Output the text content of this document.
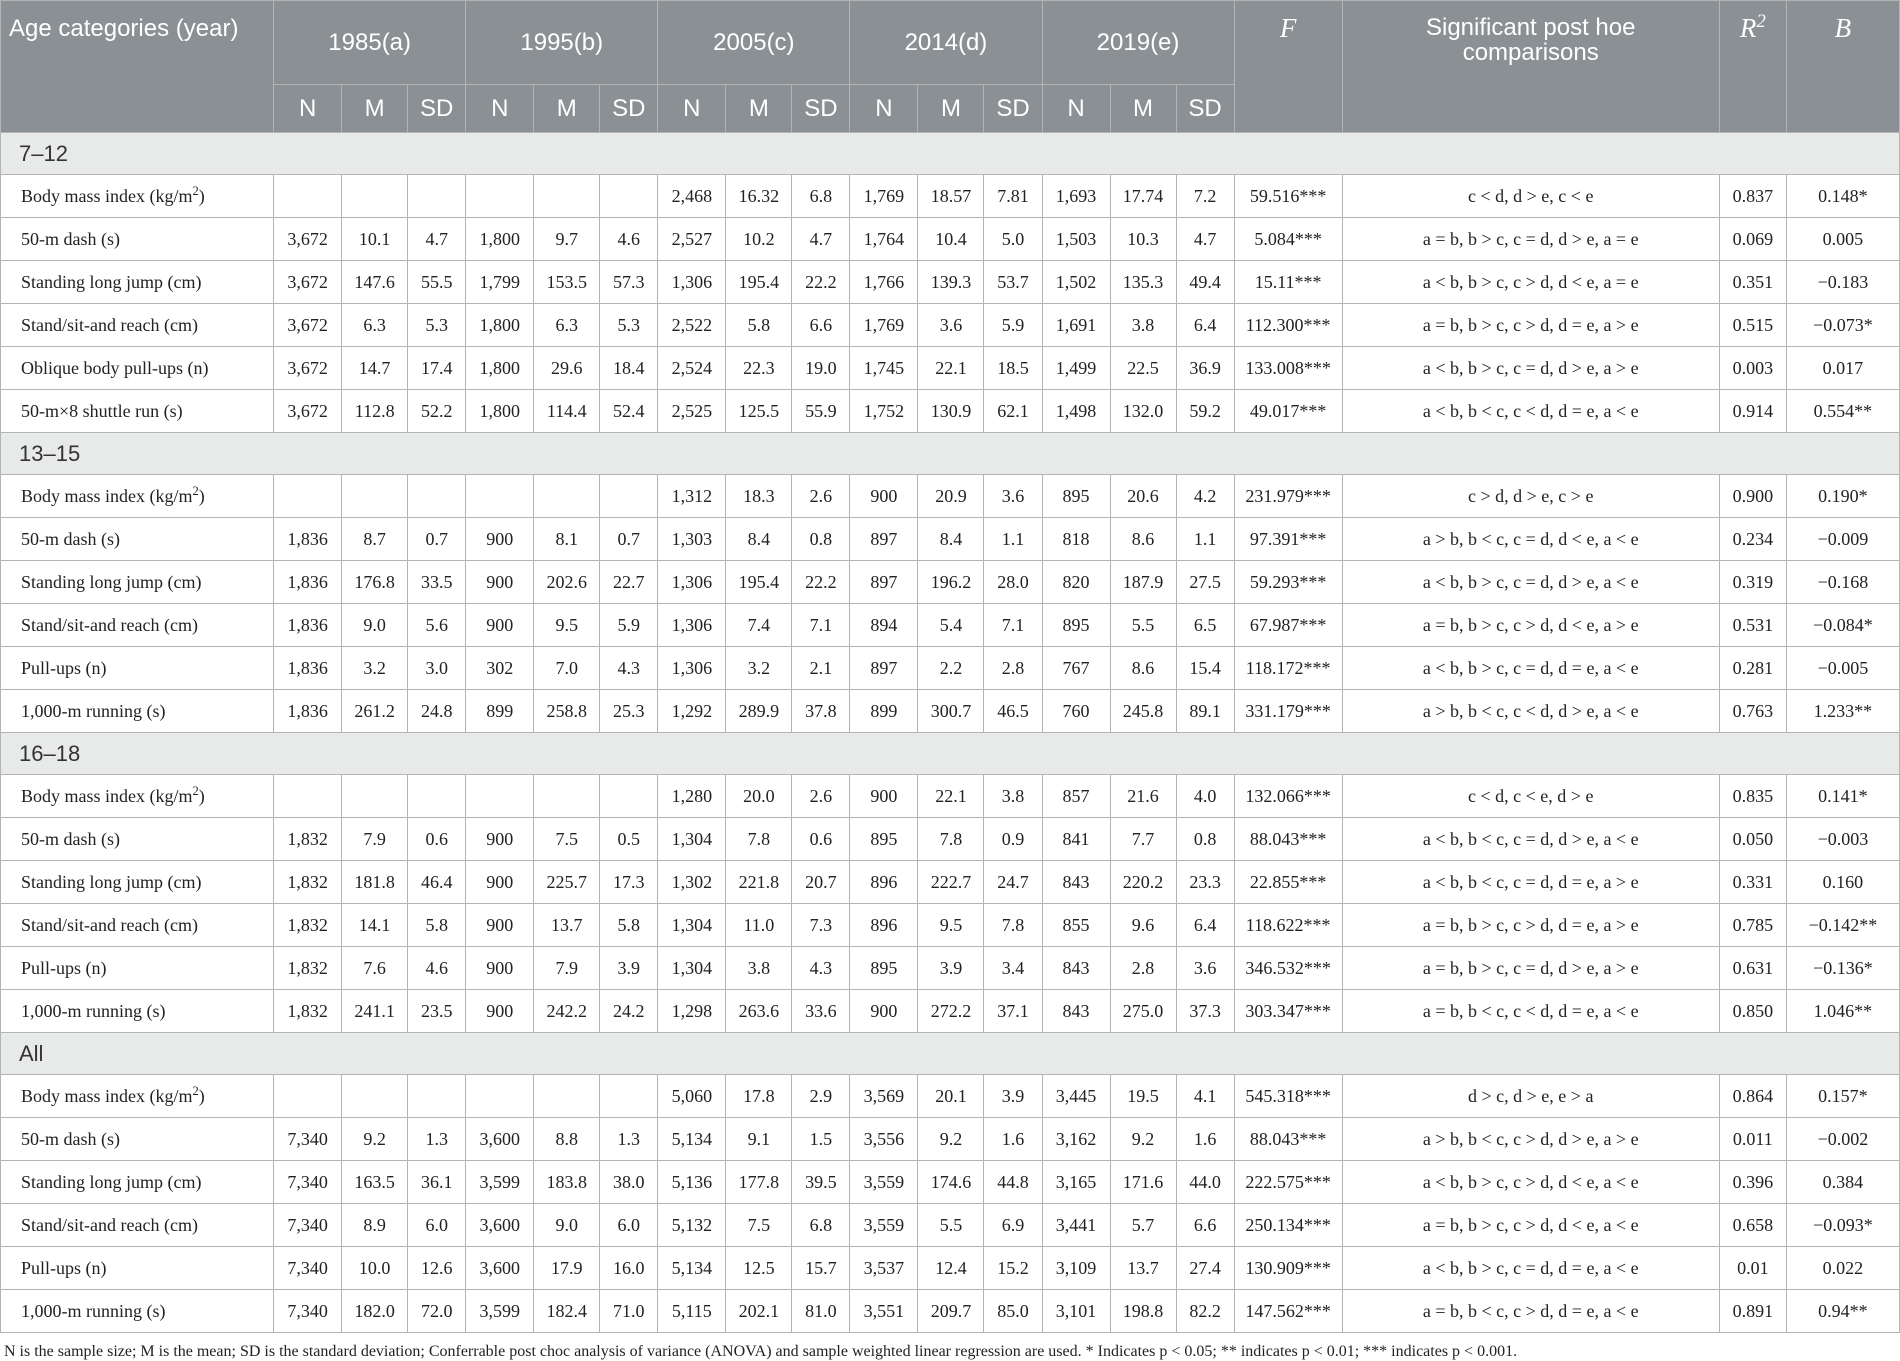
Age categories (year)	1985(a)			1995(b)			2005(c)			2014(d)			2019(e)			F	Significant post hoe comparisons	$R^2$	B
	N	M	SD	N	M	SD	N	M	SD	N	M	SD	N	M	SD				
7–12																			
Body mass index $(kg/m^2)$							2,468	16.32	6.8	1,769	18.57	7.81	1,693	17.74	7.2	59.516***	c < d, d > e, c < e	0.837	0.148*
50-m dash (s)	3,672	10.1	4.7	1,800	9.7	4.6	2,527	10.2	4.7	1,764	10.4	5.0	1,503	10.3	4.7	5.084***	a = b, b > c, c = d, d > e, a = e	0.069	0.005
Standing long jump (cm)	3,672	147.6	55.5	1,799	153.5	57.3	1,306	195.4	22.2	1,766	139.3	53.7	1,502	135.3	49.4	15.11***	a < b, b > c, c > d, d < e, a = e	0.351	−0.183
Stand/sit-and reach (cm)	3,672	6.3	5.3	1,800	6.3	5.3	2,522	5.8	6.6	1,769	3.6	5.9	1,691	3.8	6.4	112.300***	a = b, b > c, c > d, d = e, a > e	0.515	−0.073*
Oblique body pull-ups (n)	3,672	14.7	17.4	1,800	29.6	18.4	2,524	22.3	19.0	1,745	22.1	18.5	1,499	22.5	36.9	133.008***	a < b, b > c, c = d, d > e, a > e	0.003	0.017
50-m×8 shuttle run (s)	3,672	112.8	52.2	1,800	114.4	52.4	2,525	125.5	55.9	1,752	130.9	62.1	1,498	132.0	59.2	49.017***	a < b, b < c, c < d, d = e, a < e	0.914	0.554**
13–15																			
Body mass index $(kg/m^2)$							1,312	18.3	2.6	900	20.9	3.6	895	20.6	4.2	231.979***	c > d, d > e, c > e	0.900	0.190*
50-m dash (s)	1,836	8.7	0.7	900	8.1	0.7	1,303	8.4	0.8	897	8.4	1.1	818	8.6	1.1	97.391***	a > b, b < c, c = d, d < e, a < e	0.234	−0.009
Standing long jump (cm)	1,836	176.8	33.5	900	202.6	22.7	1,306	195.4	22.2	897	196.2	28.0	820	187.9	27.5	59.293***	a < b, b > c, c = d, d > e, a < e	0.319	−0.168
Stand/sit-and reach (cm)	1,836	9.0	5.6	900	9.5	5.9	1,306	7.4	7.1	894	5.4	7.1	895	5.5	6.5	67.987***	a = b, b > c, c > d, d < e, a > e	0.531	−0.084*
Pull-ups (n)	1,836	3.2	3.0	302	7.0	4.3	1,306	3.2	2.1	897	2.2	2.8	767	8.6	15.4	118.172***	a < b, b > c, c = d, d = e, a < e	0.281	−0.005
1,000-m running (s)	1,836	261.2	24.8	899	258.8	25.3	1,292	289.9	37.8	899	300.7	46.5	760	245.8	89.1	331.179***	a > b, b < c, c < d, d > e, a < e	0.763	1.233**
16–18																			
Body mass index $(kg/m^2)$							1,280	20.0	2.6	900	22.1	3.8	857	21.6	4.0	132.066***	c < d, c < e, d > e	0.835	0.141*
50-m dash (s)	1,832	7.9	0.6	900	7.5	0.5	1,304	7.8	0.6	895	7.8	0.9	841	7.7	0.8	88.043***	a < b, b < c, c = d, d > e, a < e	0.050	−0.003
Standing long jump (cm)	1,832	181.8	46.4	900	225.7	17.3	1,302	221.8	20.7	896	222.7	24.7	843	220.2	23.3	22.855***	a < b, b < c, c = d, d = e, a > e	0.331	0.160
Stand/sit-and reach (cm)	1,832	14.1	5.8	900	13.7	5.8	1,304	11.0	7.3	896	9.5	7.8	855	9.6	6.4	118.622***	a = b, b > c, c > d, d = e, a > e	0.785	−0.142**
Pull-ups (n)	1,832	7.6	4.6	900	7.9	3.9	1,304	3.8	4.3	895	3.9	3.4	843	2.8	3.6	346.532***	a = b, b > c, c = d, d > e, a > e	0.631	−0.136*
1,000-m running (s)	1,832	241.1	23.5	900	242.2	24.2	1,298	263.6	33.6	900	272.2	37.1	843	275.0	37.3	303.347***	a = b, b < c, c < d, d = e, a < e	0.850	1.046**
All																			
Body mass index $(kg/m^2)$							5,060	17.8	2.9	3,569	20.1	3.9	3,445	19.5	4.1	545.318***	d > c, d > e, e > a	0.864	0.157*
50-m dash (s)	7,340	9.2	1.3	3,600	8.8	1.3	5,134	9.1	1.5	3,556	9.2	1.6	3,162	9.2	1.6	88.043***	a > b, b < c, c > d, d > e, a > e	0.011	−0.002
Standing long jump (cm)	7,340	163.5	36.1	3,599	183.8	38.0	5,136	177.8	39.5	3,559	174.6	44.8	3,165	171.6	44.0	222.575***	a < b, b > c, c > d, d < e, a < e	0.396	0.384
Stand/sit-and reach (cm)	7,340	8.9	6.0	3,600	9.0	6.0	5,132	7.5	6.8	3,559	5.5	6.9	3,441	5.7	6.6	250.134***	a = b, b > c, c > d, d < e, a < e	0.658	−0.093*
Pull-ups (n)	7,340	10.0	12.6	3,600	17.9	16.0	5,134	12.5	15.7	3,537	12.4	15.2	3,109	13.7	27.4	130.909***	a < b, b > c, c = d, d = e, a < e	0.01	0.022
1,000-m running (s)	7,340	182.0	72.0	3,599	182.4	71.0	5,115	202.1	81.0	3,551	209.7	85.0	3,101	198.8	82.2	147.562***	a = b, b < c, c > d, d = e, a < e	0.891	0.94**
N is the sample size; M is the mean; SD is the standard deviation; Conferrable post choc analysis of variance (ANOVA) and sample weighted linear regression are used. * Indicates p < 0.05; ** indicates p < 0.01; *** indicates p < 0.001.
